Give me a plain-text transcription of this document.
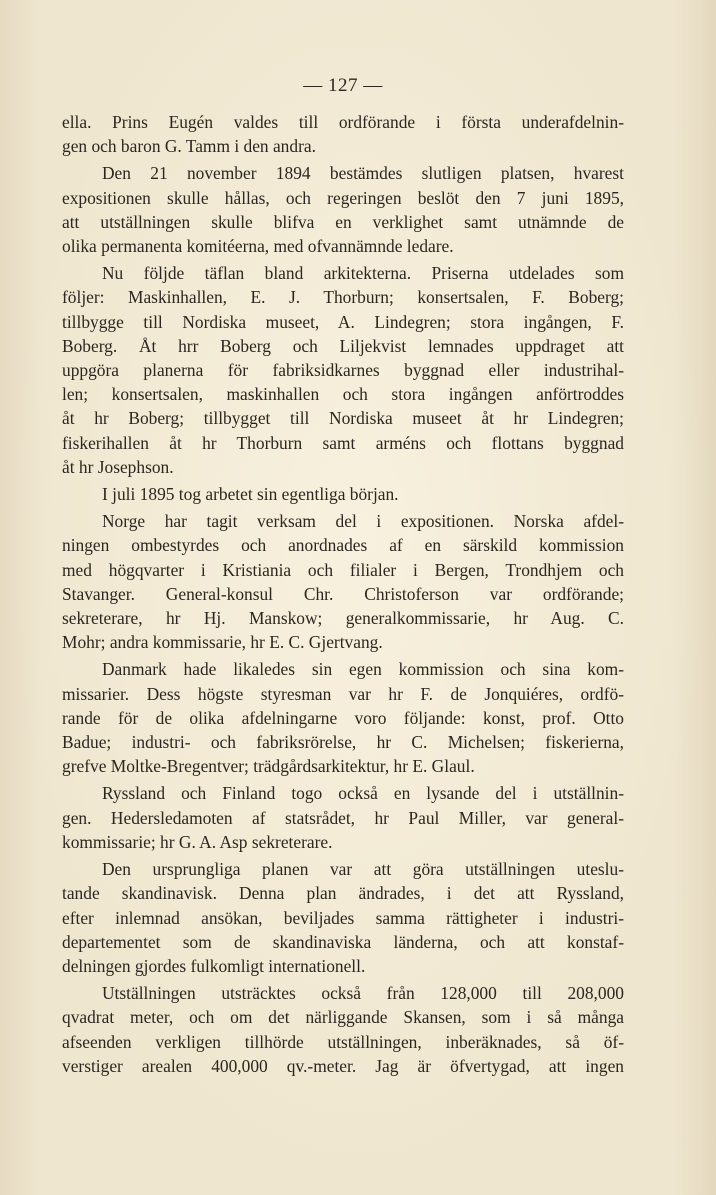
— 127 —
ella. Prins Eugén valdes till ordförande i första underafdelnin-
gen och baron G. Tamm i den andra.
Den 21 november 1894 bestämdes slutligen platsen, hvarest
expositionen skulle hållas, och regeringen beslöt den 7 juni 1895,
att utställningen skulle blifva en verklighet samt utnämnde de
olika permanenta komitéerna, med ofvannämnde ledare.
Nu följde täflan bland arkitekterna. Priserna utdelades som
följer: Maskinhallen, E. J. Thorburn; konsertsalen, F. Boberg;
tillbygge till Nordiska museet, A. Lindegren; stora ingången, F.
Boberg. Åt hrr Boberg och Liljekvist lemnades uppdraget att
uppgöra planerna för fabriksidkarnes byggnad eller industrihal-
len; konsertsalen, maskinhallen och stora ingången anförtroddes
åt hr Boberg; tillbygget till Nordiska museet åt hr Lindegren;
fiskerihallen åt hr Thorburn samt arméns och flottans byggnad
åt hr Josephson.
I juli 1895 tog arbetet sin egentliga början.
Norge har tagit verksam del i expositionen. Norska afdel-
ningen ombestyrdes och anordnades af en särskild kommission
med högqvarter i Kristiania och filialer i Bergen, Trondhjem och
Stavanger. General-konsul Chr. Christoferson var ordförande;
sekreterare, hr Hj. Manskow; generalkommissarie, hr Aug. C.
Mohr; andra kommissarie, hr E. C. Gjertvang.
Danmark hade likaledes sin egen kommission och sina kom-
missarier. Dess högste styresman var hr F. de Jonquiéres, ordfö-
rande för de olika afdelningarne voro följande: konst, prof. Otto
Badue; industri- och fabriksrörelse, hr C. Michelsen; fiskerierna,
grefve Moltke-Bregentver; trädgårdsarkitektur, hr E. Glaul.
Ryssland och Finland togo också en lysande del i utställnin-
gen. Hedersledamoten af statsrådet, hr Paul Miller, var general-
kommissarie; hr G. A. Asp sekreterare.
Den ursprungliga planen var att göra utställningen uteslu-
tande skandinavisk. Denna plan ändrades, i det att Ryssland,
efter inlemnad ansökan, beviljades samma rättigheter i industri-
departementet som de skandinaviska länderna, och att konstaf-
delningen gjordes fulkomligt internationell.
Utställningen utsträcktes också från 128,000 till 208,000
qvadrat meter, och om det närliggande Skansen, som i så många
afseenden verkligen tillhörde utställningen, inberäknades, så öf-
verstiger arealen 400,000 qv.-meter. Jag är öfvertygad, att ingen
